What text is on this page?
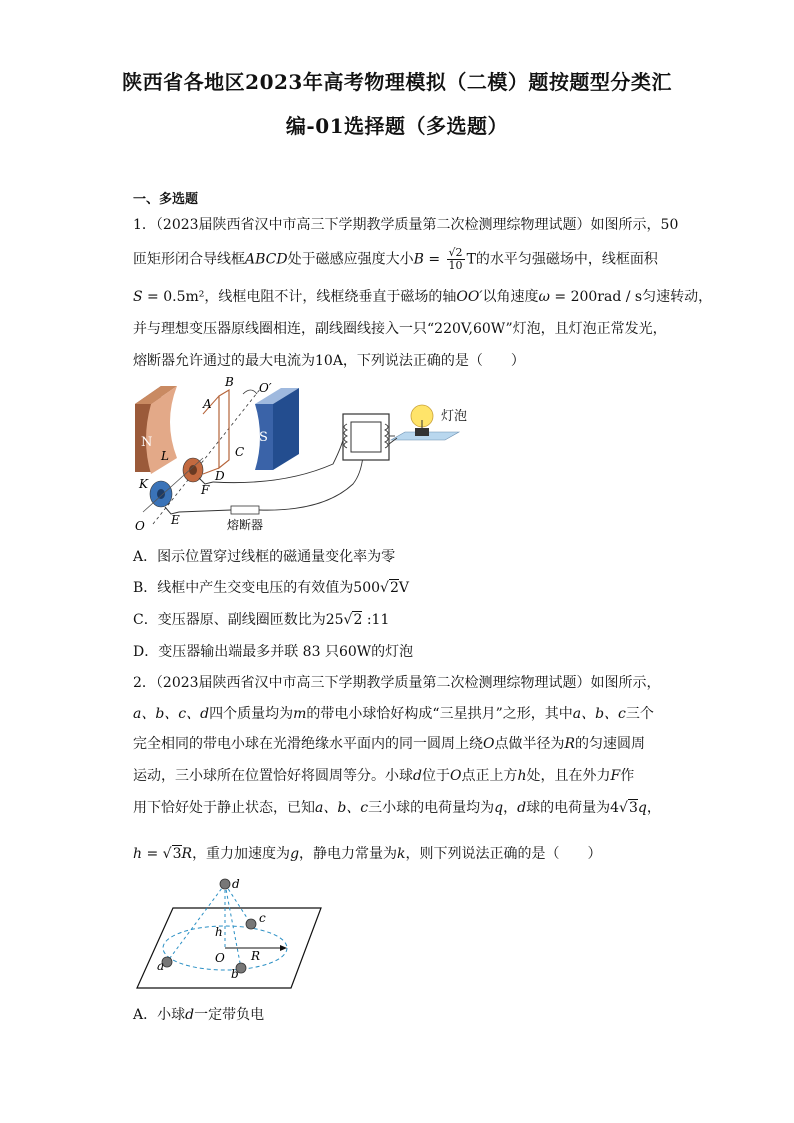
陕西省各地区2023年高考物理模拟（二模）题按题型分类汇
编-01选择题（多选题）
一、多选题
1．（2023届陕西省汉中市高三下学期教学质量第二次检测理综物理试题）如图所示，50
匝矩形闭合导线框ABCD处于磁感应强度大小$B = \frac{√2}{10}$ T的水平匀强磁场中，线框面积
S = 0.5m²，线框电阻不计，线框绕垂直于磁场的轴OO′以角速度ω = 200rad / s匀速转动，
并与理想变压器原线圈相连，副线圈线接入一只“220V,60W”灯泡，且灯泡正常发光，
熔断器允许通过的最大电流为10A，下列说法正确的是（　　）
N	S
灯泡
B
A
O′
C
L
D
K	F
E
O	熔断器
A．图示位置穿过线框的磁通量变化率为零
B．线框中产生交变电压的有效值为500√2V
C．变压器原、副线圈匝数比为25√2 :11
D．变压器输出端最多并联 83 只60W的灯泡
2．（2023届陕西省汉中市高三下学期教学质量第二次检测理综物理试题）如图所示，
a、b、c、d四个质量均为m的带电小球恰好构成“三星拱月”之形，其中a、b、c三个
完全相同的带电小球在光滑绝缘水平面内的同一圆周上绕O点做半径为R的匀速圆周
运动，三小球所在位置恰好将圆周等分。小球d位于O点正上方h处，且在外力F作
用下恰好处于静止状态，已知a、b、c三小球的电荷量均为q，d球的电荷量为4√3q，
h = √3R，重力加速度为g，静电力常量为k，则下列说法正确的是（　　）
d
c
h
O R
a
b
A．小球d一定带负电
